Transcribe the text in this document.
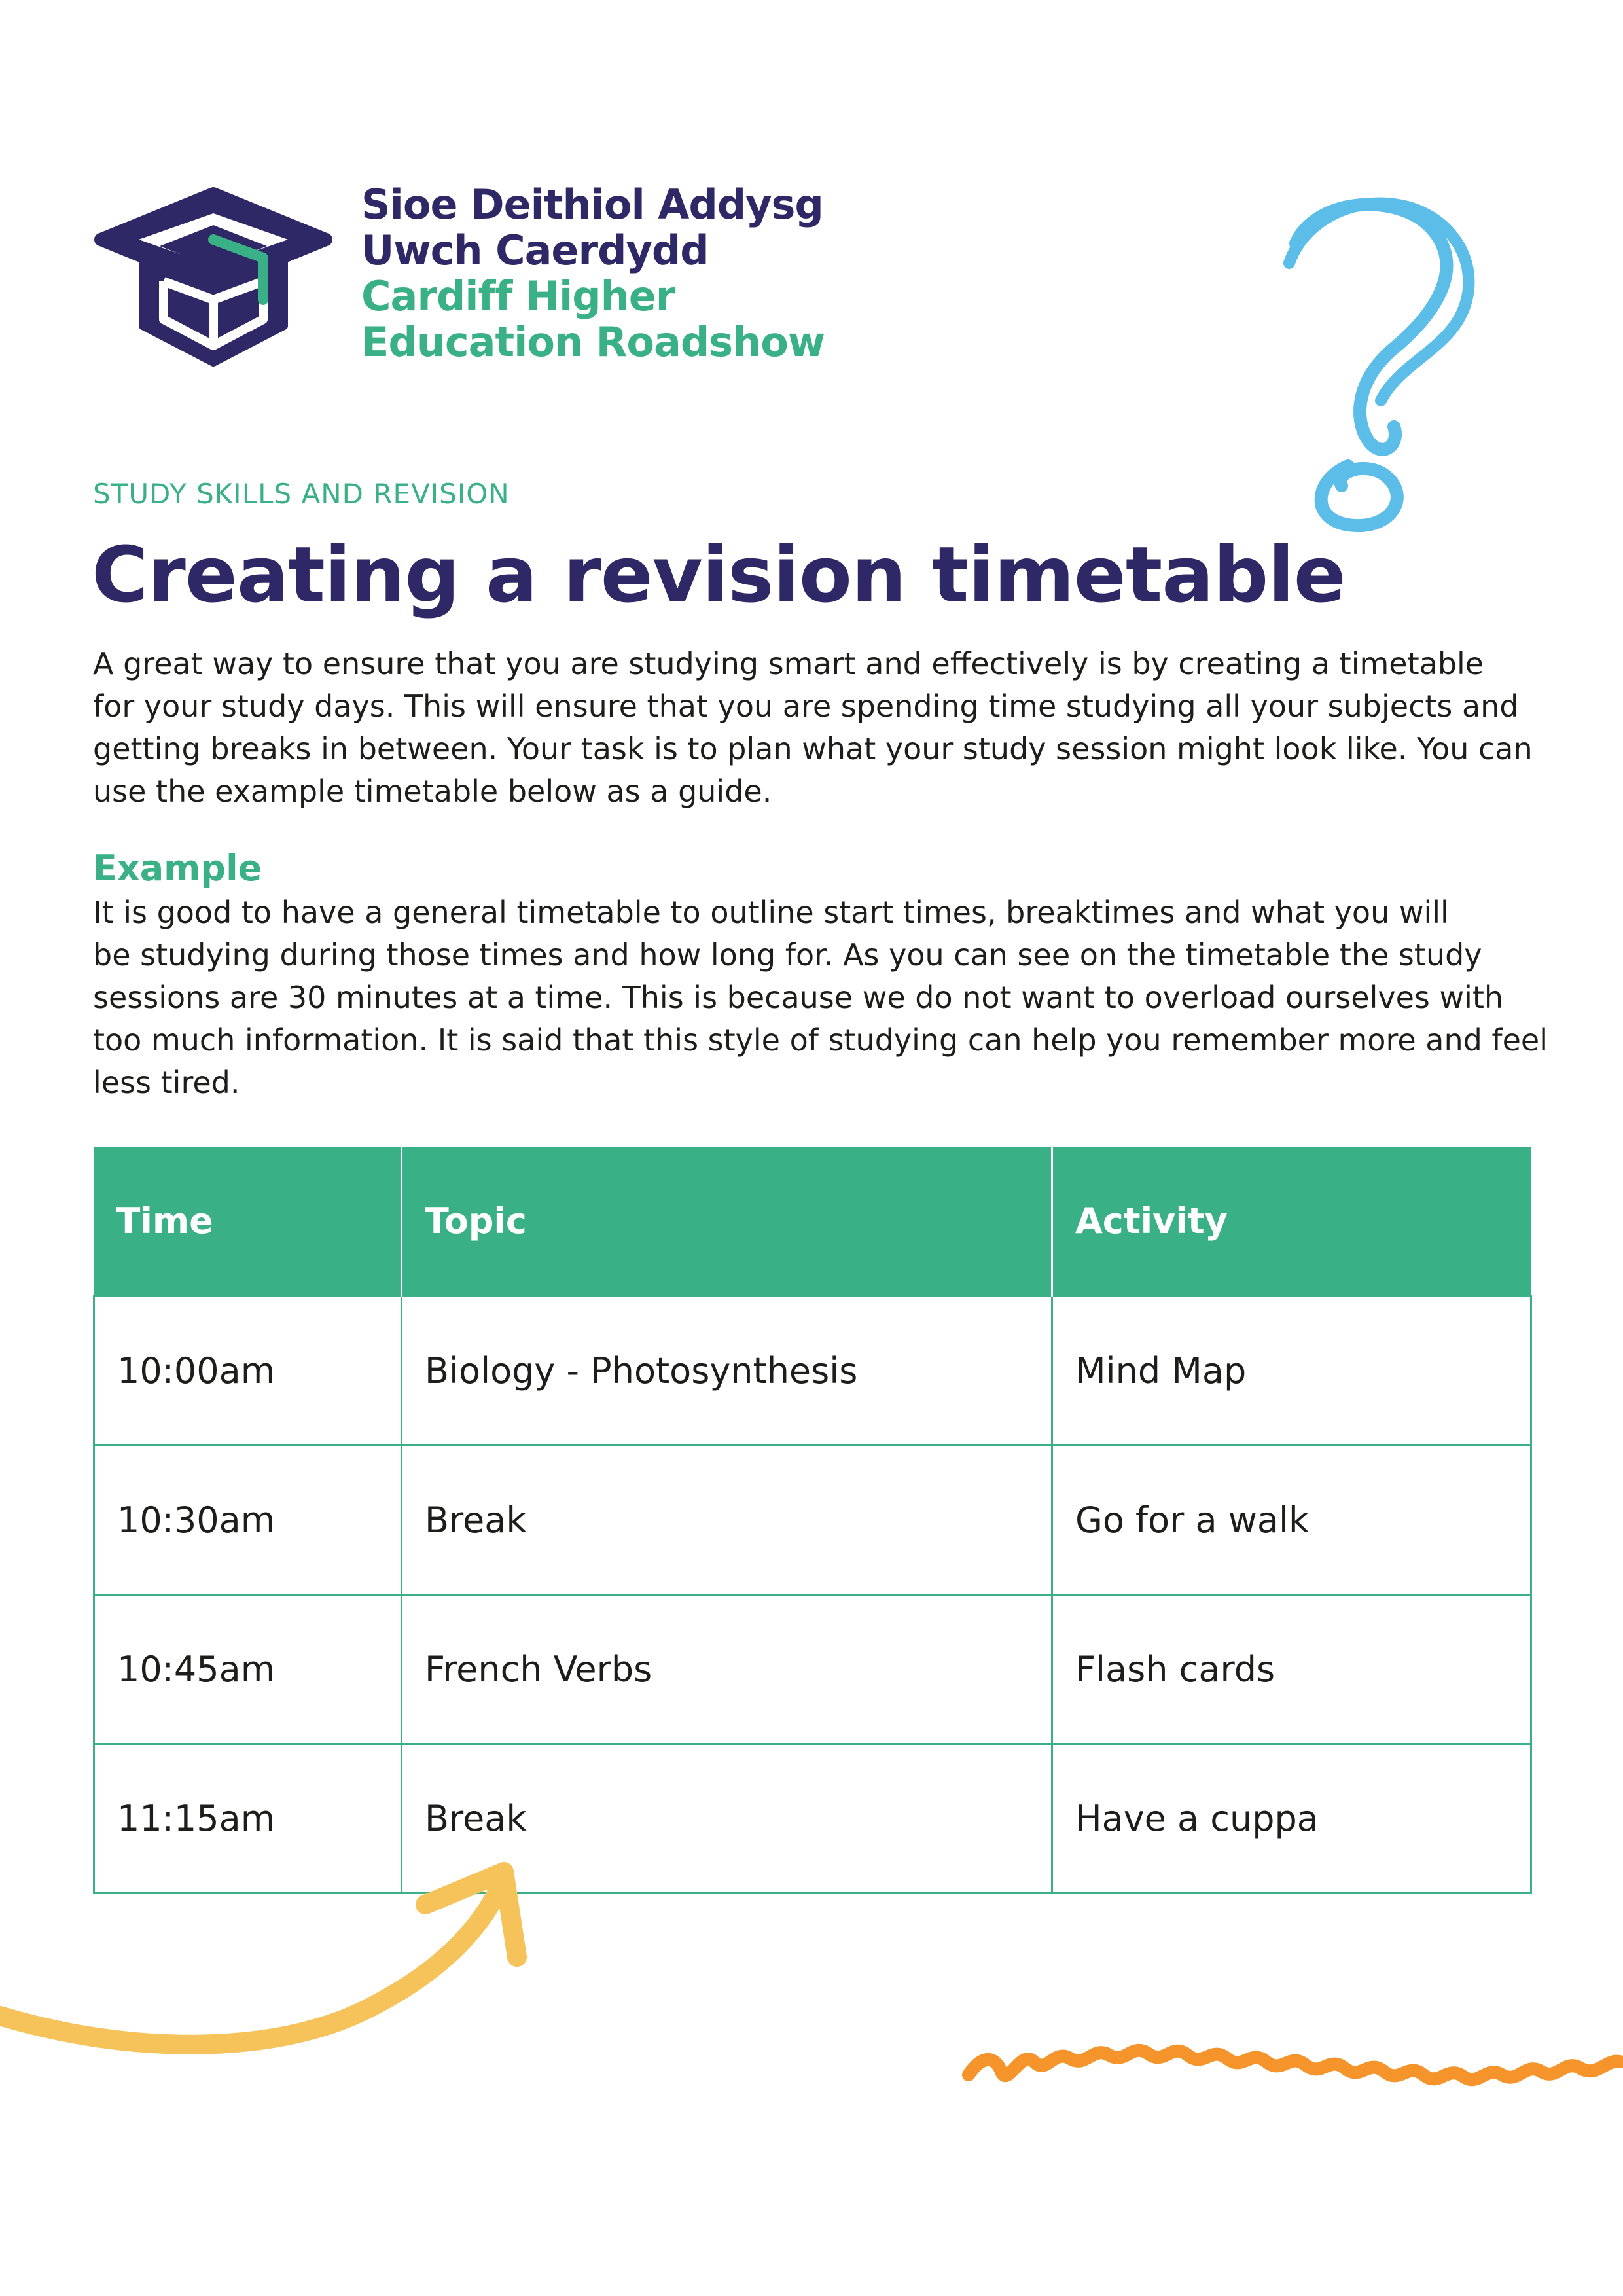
Sioe Deithiol Addysg
Uwch Caerdydd
Cardiff Higher
Education Roadshow
STUDY SKILLS AND REVISION
Creating a revision timetable
A great way to ensure that you are studying smart and effectively is by creating a timetable
for your study days. This will ensure that you are spending time studying all your subjects and
getting breaks in between. Your task is to plan what your study session might look like. You can
use the example timetable below as a guide.
Example
It is good to have a general timetable to outline start times, breaktimes and what you will
be studying during those times and how long for. As you can see on the timetable the study
sessions are 30 minutes at a time. This is because we do not want to overload ourselves with
too much information. It is said that this style of studying can help you remember more and feel
less tired.
Time	Topic	Activity
10:00am	Biology - Photosynthesis	Mind Map
10:30am	Break	Go for a walk
10:45am	French Verbs	Flash cards
11:15am	Break	Have a cuppa
